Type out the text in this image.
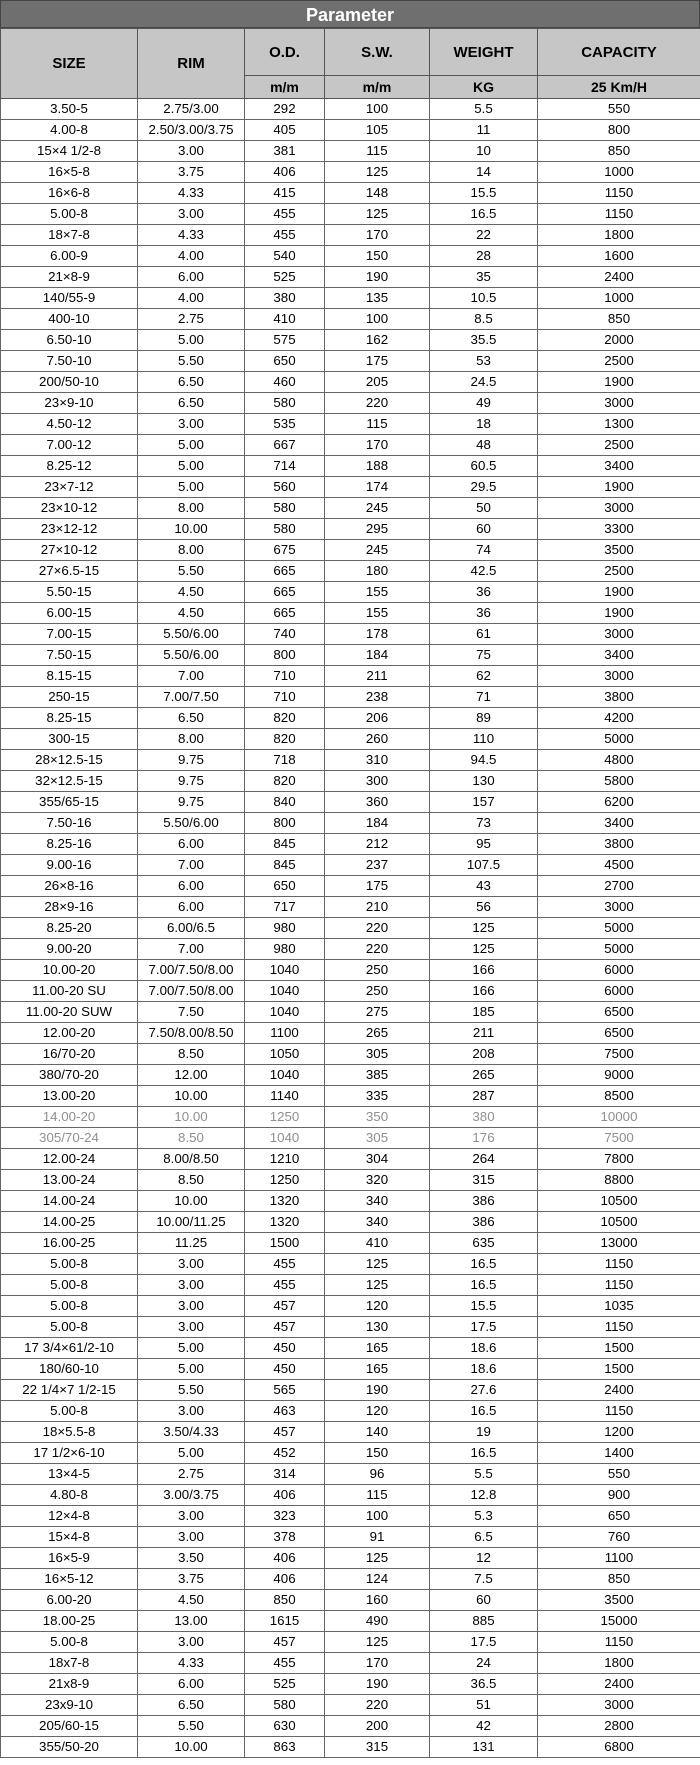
Parameter
SIZE	RIM	O.D.	S.W.	WEIGHT	CAPACITY
		m/m	m/m	KG	25 Km/H
3.50-5	2.75/3.00	292	100	5.5	550
4.00-8	2.50/3.00/3.75	405	105	11	800
15×4 1/2-8	3.00	381	115	10	850
16×5-8	3.75	406	125	14	1000
16×6-8	4.33	415	148	15.5	1150
5.00-8	3.00	455	125	16.5	1150
18×7-8	4.33	455	170	22	1800
6.00-9	4.00	540	150	28	1600
21×8-9	6.00	525	190	35	2400
140/55-9	4.00	380	135	10.5	1000
400-10	2.75	410	100	8.5	850
6.50-10	5.00	575	162	35.5	2000
7.50-10	5.50	650	175	53	2500
200/50-10	6.50	460	205	24.5	1900
23×9-10	6.50	580	220	49	3000
4.50-12	3.00	535	115	18	1300
7.00-12	5.00	667	170	48	2500
8.25-12	5.00	714	188	60.5	3400
23×7-12	5.00	560	174	29.5	1900
23×10-12	8.00	580	245	50	3000
23×12-12	10.00	580	295	60	3300
27×10-12	8.00	675	245	74	3500
27×6.5-15	5.50	665	180	42.5	2500
5.50-15	4.50	665	155	36	1900
6.00-15	4.50	665	155	36	1900
7.00-15	5.50/6.00	740	178	61	3000
7.50-15	5.50/6.00	800	184	75	3400
8.15-15	7.00	710	211	62	3000
250-15	7.00/7.50	710	238	71	3800
8.25-15	6.50	820	206	89	4200
300-15	8.00	820	260	110	5000
28×12.5-15	9.75	718	310	94.5	4800
32×12.5-15	9.75	820	300	130	5800
355/65-15	9.75	840	360	157	6200
7.50-16	5.50/6.00	800	184	73	3400
8.25-16	6.00	845	212	95	3800
9.00-16	7.00	845	237	107.5	4500
26×8-16	6.00	650	175	43	2700
28×9-16	6.00	717	210	56	3000
8.25-20	6.00/6.5	980	220	125	5000
9.00-20	7.00	980	220	125	5000
10.00-20	7.00/7.50/8.00	1040	250	166	6000
11.00-20 SU	7.00/7.50/8.00	1040	250	166	6000
11.00-20 SUW	7.50	1040	275	185	6500
12.00-20	7.50/8.00/8.50	1100	265	211	6500
16/70-20	8.50	1050	305	208	7500
380/70-20	12.00	1040	385	265	9000
13.00-20	10.00	1140	335	287	8500
14.00-20	10.00	1250	350	380	10000
305/70-24	8.50	1040	305	176	7500
12.00-24	8.00/8.50	1210	304	264	7800
13.00-24	8.50	1250	320	315	8800
14.00-24	10.00	1320	340	386	10500
14.00-25	10.00/11.25	1320	340	386	10500
16.00-25	11.25	1500	410	635	13000
5.00-8	3.00	455	125	16.5	1150
5.00-8	3.00	455	125	16.5	1150
5.00-8	3.00	457	120	15.5	1035
5.00-8	3.00	457	130	17.5	1150
17 3/4×61/2-10	5.00	450	165	18.6	1500
180/60-10	5.00	450	165	18.6	1500
22 1/4×7 1/2-15	5.50	565	190	27.6	2400
5.00-8	3.00	463	120	16.5	1150
18×5.5-8	3.50/4.33	457	140	19	1200
17 1/2×6-10	5.00	452	150	16.5	1400
13×4-5	2.75	314	96	5.5	550
4.80-8	3.00/3.75	406	115	12.8	900
12×4-8	3.00	323	100	5.3	650
15×4-8	3.00	378	91	6.5	760
16×5-9	3.50	406	125	12	1100
16×5-12	3.75	406	124	7.5	850
6.00-20	4.50	850	160	60	3500
18.00-25	13.00	1615	490	885	15000
5.00-8	3.00	457	125	17.5	1150
18x7-8	4.33	455	170	24	1800
21x8-9	6.00	525	190	36.5	2400
23x9-10	6.50	580	220	51	3000
205/60-15	5.50	630	200	42	2800
355/50-20	10.00	863	315	131	6800
